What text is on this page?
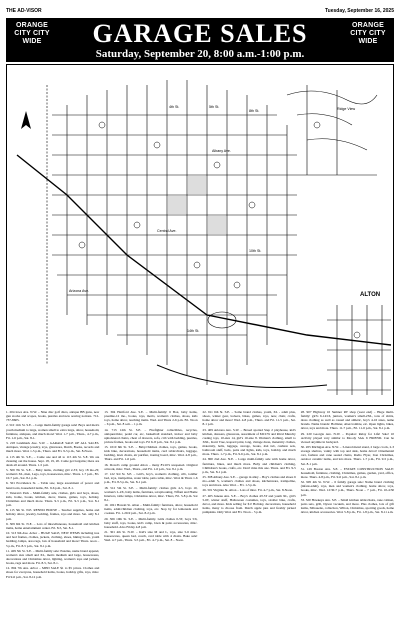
THE AD-VISOR	Tuesday, September 16, 2025
ORANGE CITY CITY WIDE	GARAGE SALES
Saturday, September 20, 8:00 a.m.-1:00 p.m.
ORANGE CITY CITY WIDE
ALTON
Ridge View
Albany Ave.
Central Ave.
Arizona Ave.
4th St.	5th St.
8th St.
10th St.
14th St.
1. 204 Iowa Ave. N.W. – Nine disc golf discs, antique BB guns, new gun stocks and scopes, books, puzzles and new sewing notions. 712-737-8605.
2. 510 11th St. S.E. – Large multi-family garage sale! Boys and men's youth medium to large, women small to extra large, décor, household, furniture, antiques, and much more! Wed. 1-7 p.m., Thurs., 4-7 p.m., Fri. 1-6 p.m., Sat. 8-1.
3. 218 Landmark Ave. S.W. – GARAGE SALE OF ALL SALES. Antiques, vintage jewelry, toys, glassware, Dutch, Books, records and much more. Wed. 1-5 p.m., Thurs. and Fri. 9-5 p.m., Sat. 8-Noon.
4. 115 4th St. S.E., – Come one and all to 115 4th St. S.E. We are cleaning out the house. Sept. 18, 19, 20. Come get bargains; there are deals all around. Thurs. 1-5 p.m.
5. 509 7th St. S.E. – Baby items, clothing girl 2-3T, boy 18 mo-2T, women's XL, men, Lego, toys, housewares, misc. Thurs. 1-7 p.m., Fri. 10-7 p.m., Sat. 8-1 p.m.
6. 501 Providence St. – Table saw, large assortment of power and hand tools, household items, Fri. 9-6 p.m., Sat. 8-1.
7. Veteran's Park – Multi-family sale, clothes, girls and boys, shoes, kids, home, books, kitchen, decor, linens, games, toys, holiday, Christmas and much more. Thurs. 9-5 p.m., Fri. 9-5 p.m., Sat. 8-1 p.m.
8. 115 5th St. N.E. RENNO HOUSE – Teacher supplies, home and holiday décor, jewelry, bedding, frames, toys and more. Sat. only 8-1 p.m.
9. 309 6th St. N.E. – Lots of miscellaneous, household and kitchen items, home entertainment center. Fri. 8-5, Sat. 8-1.
10. 513 9th Ave. Arbor – HUGE SALE, NEW ITEMS including tree and bed frames, clothes, jackets, clothing, shoes, hiking boots, youth bedding, lamps, area rugs, lots of household and more! Thurs. noon – 5 p.m., Fri. 8-5 p.m., Sat. 8-1 p.m.
11. 409 5th St. S.E. – Multi-family sale: Puzzles, name brand apparel, women's size small and XL, men's medium and large, housewares, decorations and Christmas décor, lighting, women's tops and jackets, books, rugs and more. Fri. 8-5, Sat. 8-1.
12. 804 7th Ave. Arbor – MINI SALE $1 to $5 prices. Clothes and shoes for everyone, household items, books, holiday gifts, toys, misc. Fri 9-6 p.m., Sat. 8-12 p.m.
13. 304 Hartford Ave. S.E. – Multi-family: 6 Box, baby items, preemie-12 mo., books, toys, men's, women's clothes, shoes, kids toys, home décor, teaching items. Wed. and Thurs 2-6 p.m. Fri. Noon – 6 p.m., Sat. 8 a.m. – 1 p.m.
14. 713 12th St. S.E. – Firefighter collectibles, recycles, antiques/misc, pedal car, etc, basketball standard, indoor and baby upholstered chairs, chest of drawers, sofa, crib with bedding, puzzles, picture frames, books and toys. Fri 6–8 p.m., Sat. 8-1 p.m.
15. 1010 6th St. S.E. – Baby/children clothes, toys, games, books, kids bike, decorations, household items, card table/chairs, luggage, bedding, lawn chairs, air purifier, ironing board, misc. Wed. 4-8 p.m., Thurs. and Fri. 1-6 p.m.
16. Dowd's camp ground Alton – many 8'x10'x unopened. Original artwork, misc. Wed., Thurs., and Fri. 1-6 p.m., Sat. 8-1 p.m.
17. 122 3rd St. S.E. – Girl's, boy's, women's clothing, crib, toddler bed, toys, trampoline, water table, patio table, misc. Wed. & Thurs 1-6 p.m., Fri. 8-5 p.m., Sat. 8-1 p.m.
18. 512 5th St. S.E. – Multi-family: clothes girls 4-5, boys 10, women's L-2X, baby items, furniture, scrapbooking, Tiffani and Home Interiors, table lamps, Christmas décor, misc. Thurs, Fri. 5-8 p.m. Sat 8-1.
19. 1021 Hawaii St. Alton – Multi-family: furniture, décor, household items, adult/children clothing, toys, etc. Stop by for lemonade and cookies. Fri. 1-20-9 p.m., Sat. 8-2 p.m.
20. 306 10th St. S.E. – Multi-family. Girls clothes 0-5T, boys 5/6, baby stuff, toys, books, kid's camp, lawn & patio accessories, misc. household. Also Friday 4-8 p.m.
21. 301 4th St. N.W. – Kid's size M and L, toys, size 5-6 misc. housewares, queen bed, couch, card table with 4 chairs. Bake sale! Wed. 4-7 p.m., Thurs. 3-5 p.m., Fri. 4-7 p.m., Sat. 8 – Noon.
22. 911 6th St. S.E. – Some brand clothes, youth, XL - adult plus, shoes, winter gear, lockers, bikes, games, toys, new, chair, crafts, home décor and more! Wed. 4-8 p.m., Thurs. and Fri. 11-5 p.m., Sat. 8-1 p.m.
23. 409 Arizona Ave. S.W. – Boxed spotted Step 2 playhouse, kid's kitchen, dressers, glassware, assortment of MCCW and Rival Munchy casting toys, 10-size 14, girl's 10-size 8. Women's clothing, small to XXL, Karri Tree, leopard print, long, vintage dress, maternity clothes, maternity, belts, luggage, storage, books, 4x4 tub, cushion sets, bathroom stuff, beds, pairs and lights, kids, toys, holiday and much more. Thurs. 1-7 p.m., Fri. 9-6 p.m., Sat. 8-1 p.m.
24. 800 2nd Ave. N.E. – Large multi-family sale with home décor, furniture, bikes, and much more. Baby and children's clothing, Chillidren's books, crafts, etc. Don't miss this one. Thurs. and Fri. 9-5 p.m., Sat. 8-1 p.m.
25. 308 Albany Ave. S.E. – garage in alley – Boy's clothes and shoes 6 mo.-adult S, women's clothes and shoes, kitchenware, trampoline, toys and more. Also Wed. – Fri. 1-5 p.m.
26. 501 Virginia St. Alton – Lots of misc. Fri. 4-7 p.m., Sat. 8-Noon.
27. 405 Juneau Ave. S.E. – Boy's clothes 4T-5T and youth XL, girl's 5-6T, winter stuff, Halloween costumes, toys, stroller bike, crafts, décor, and more. Kids selling for $1! Holiday, decorations, household items, many to choose from. Dutch apple pies and freshly picked pumpkins. Only Wed. and Fri. Noon – 5 p.m.
28. 907 Highway 10 Sumner RV shop (west end) – Huge multi-family: girl's 6-14/16, juniors, women's small-2XL, tons of shirts, dress clothing as well as casual and athletic, boy's 4-16 sizes, name brands. Name brands: Hollister, Abercrombie, etc. Open lights, bikes, décor, toys and more. Thurs. 11-7 p.m., Fri. 11-6 p.m., Sat. 8-1 p.m.
29. 220 Georgia Ave. N.W. – Popular: Relay for Life! Sale! 10 Activity played very similar to Moody 5AG 6 FRIEND. Can be viewed anytime in backyard.
30. 205 Michigan Ave. N.W. – 3-tiered metal stand, 2 large crock, 2-3 storage shelves, vanity with top and sink, home décor! Ornamental cart, fashion and cane seated chairs, Radio Flyer, Iron Christmas, outdoor ceramic items, and lots more. Thurs. 1-7 p.m., Fri. 9-5 p.m., Sat. 8-1 p.m.
31. 129 Boston Ave. S.E. – ESTATE CONSTRUCTION SALE: household, furniture, clothing, Christmas, games, garden, yard, office, more. Thurs. 4-8 p.m., Fri. 9-6 p.m., Sat. 8-1 p.m.
32. 905 4th St. N.W. – 6 family garage sale: Name brand clothing (infant-adult), toys, men and women's clothing, home décor, toys, books, misc. Wed. 12:30-7 p.m., Thurs. Noon – 7 p.m., Fri. 10-4:30 p.m.
33. 320 Hawkeye Ave. S.E. – Small kitchen table/chairs, cane cabinet, patio sets, grill, Dyson vacuum, and more. Plus clothes, lots of gift items, Silhouette, collection, Wilton, Christmas, sporting goods, home décor, kitchen accessories. Wed. 5-8 p.m., Fri. 1-8 p.m., Sat. 8-11 a.m.
